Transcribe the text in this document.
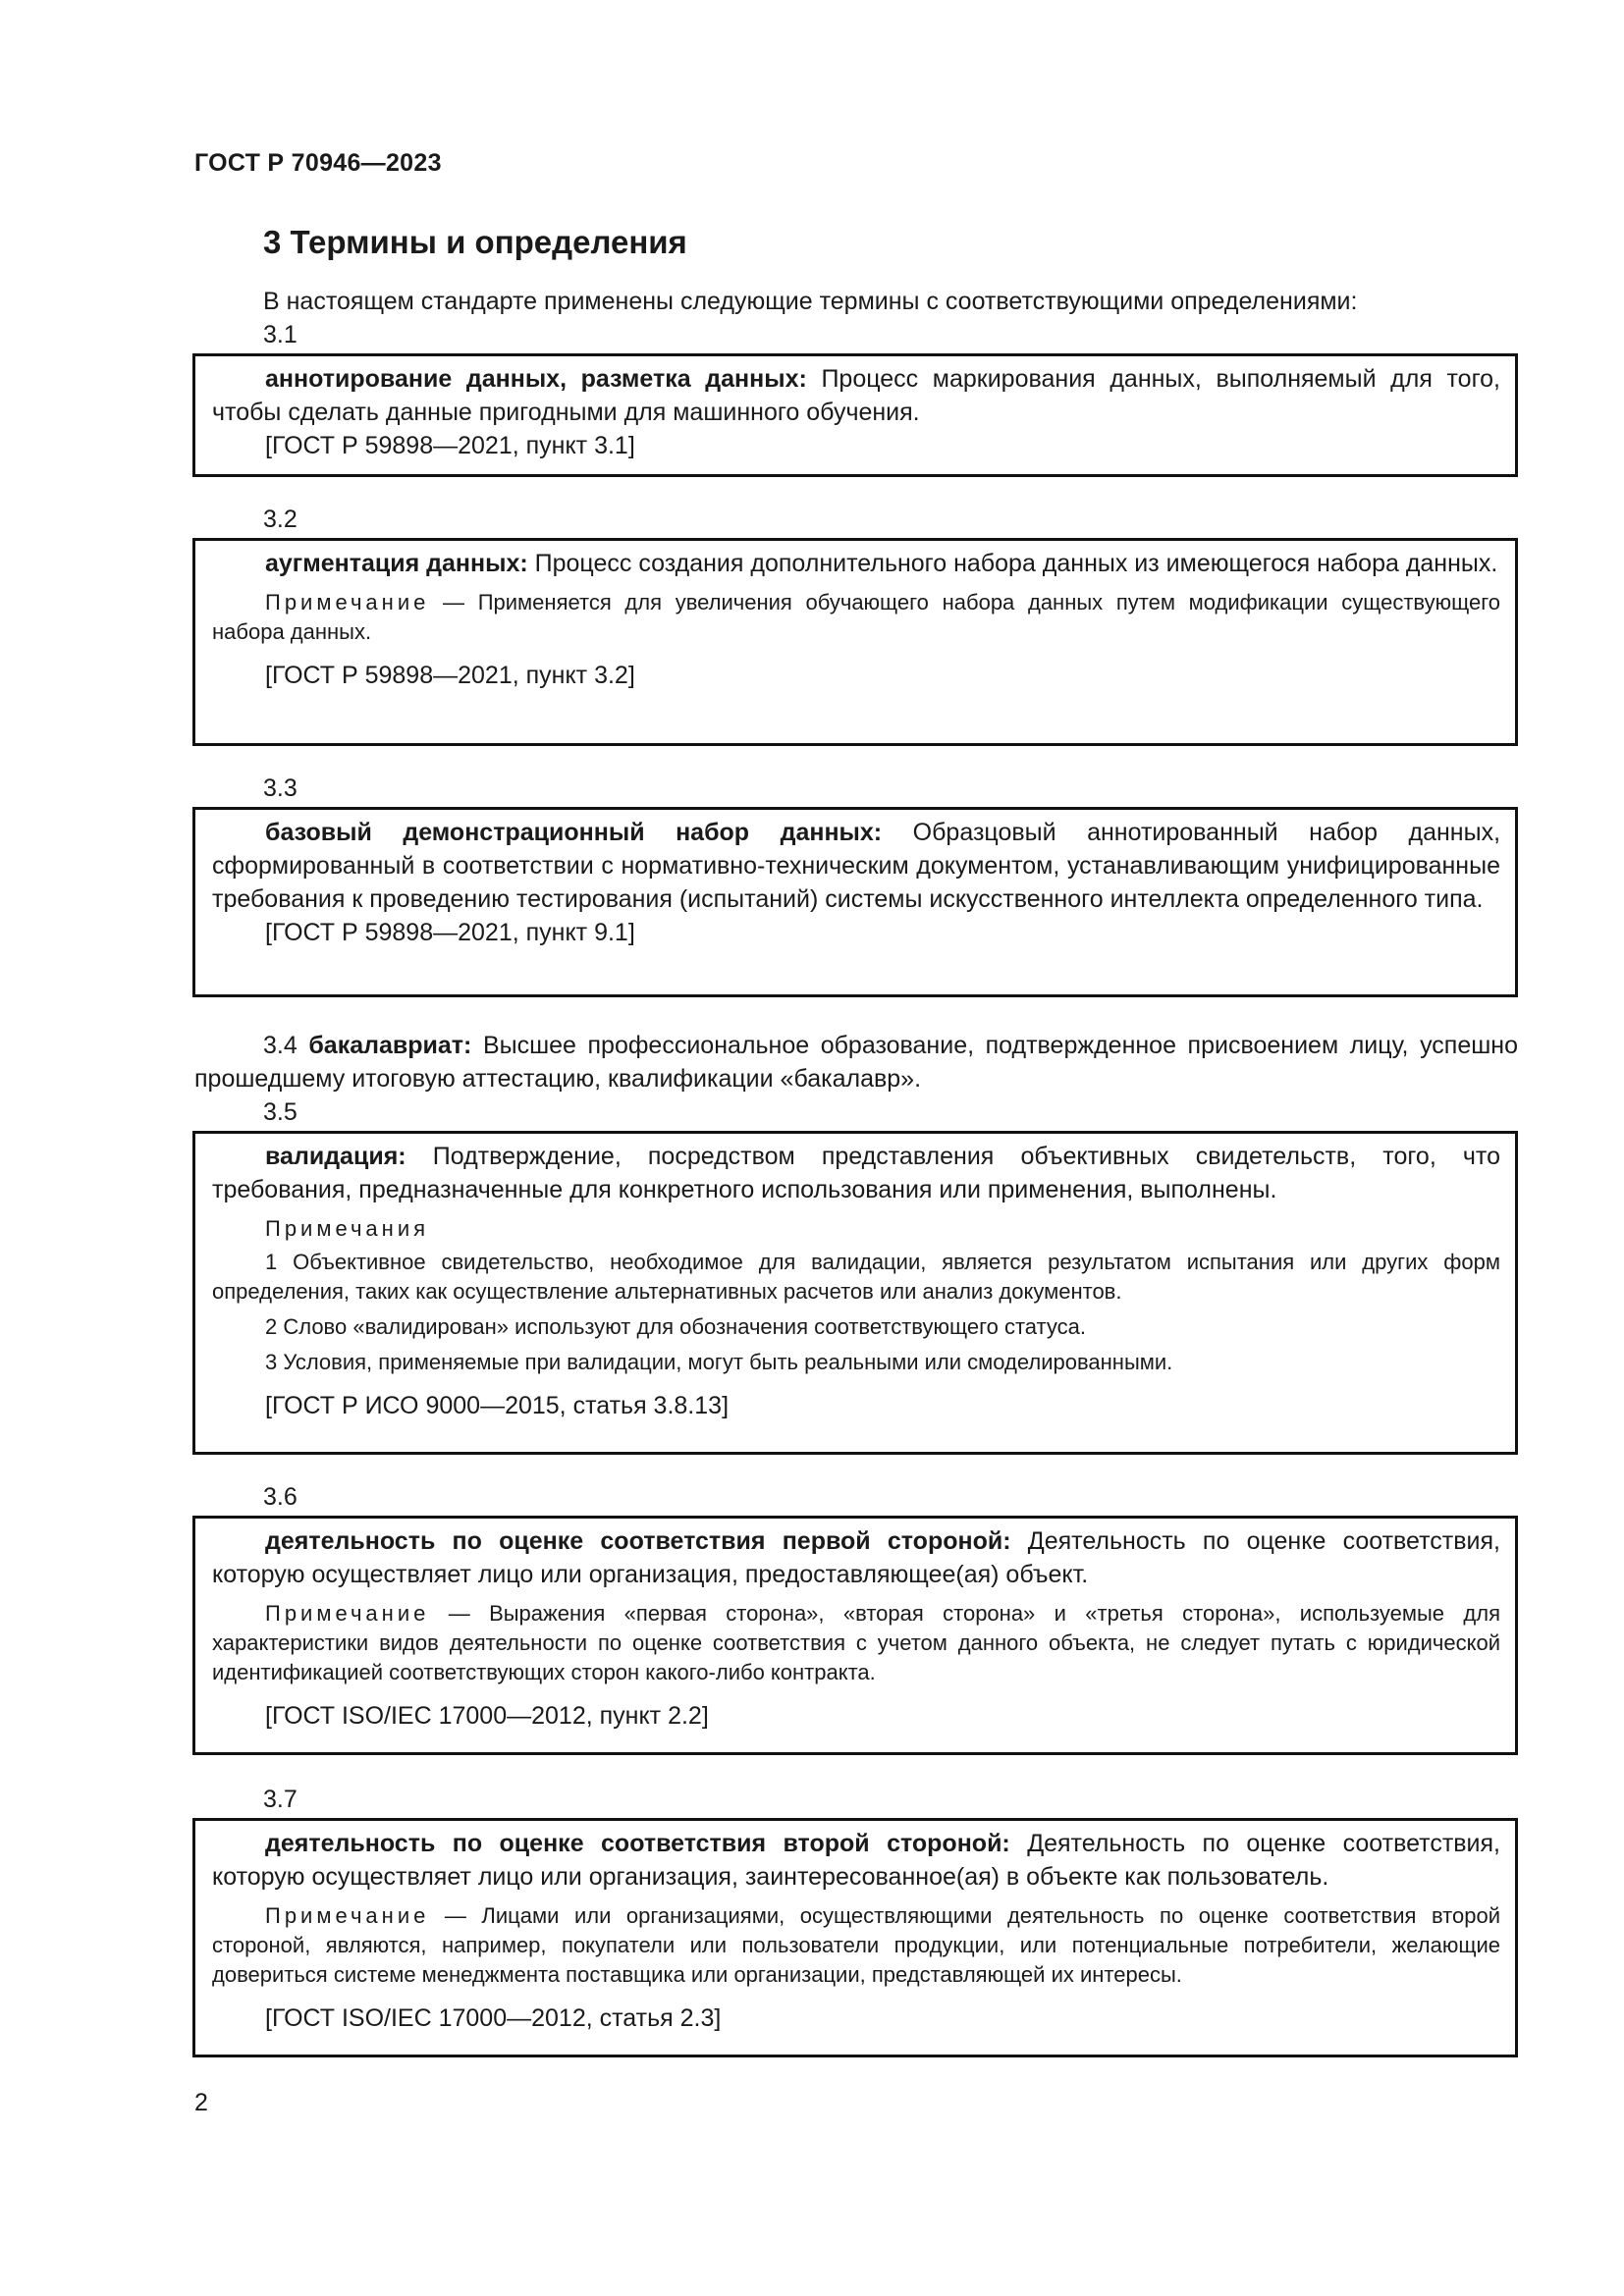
ГОСТ Р 70946—2023
3 Термины и определения
В настоящем стандарте применены следующие термины с соответствующими определениями:
3.1

аннотирование данных, разметка данных: Процесс маркирования данных, выполняемый для того, чтобы сделать данные пригодными для машинного обучения.

[ГОСТ Р 59898—2021, пункт 3.1]

3.2

аугментация данных: Процесс создания дополнительного набора данных из имеющегося набора данных.

Примечание — Применяется для увеличения обучающего набора данных путем модификации существующего набора данных.

[ГОСТ Р 59898—2021, пункт 3.2]

3.3

базовый демонстрационный набор данных: Образцовый аннотированный набор данных, сформированный в соответствии с нормативно-техническим документом, устанавливающим унифицированные требования к проведению тестирования (испытаний) системы искусственного интеллекта определенного типа.

[ГОСТ Р 59898—2021, пункт 9.1]

3.4 бакалавриат: Высшее профессиональное образование, подтвержденное присвоением лицу, успешно прошедшему итоговую аттестацию, квалификации «бакалавр».
3.5

валидация: Подтверждение, посредством представления объективных свидетельств, того, что требования, предназначенные для конкретного использования или применения, выполнены.

Примечания

1 Объективное свидетельство, необходимое для валидации, является результатом испытания или других форм определения, таких как осуществление альтернативных расчетов или анализ документов.

2 Слово «валидирован» используют для обозначения соответствующего статуса.

3 Условия, применяемые при валидации, могут быть реальными или смоделированными.

[ГОСТ Р ИСО 9000—2015, статья 3.8.13]

3.6

деятельность по оценке соответствия первой стороной: Деятельность по оценке соответствия, которую осуществляет лицо или организация, предоставляющее(ая) объект.

Примечание — Выражения «первая сторона», «вторая сторона» и «третья сторона», используемые для характеристики видов деятельности по оценке соответствия с учетом данного объекта, не следует путать с юридической идентификацией соответствующих сторон какого-либо контракта.

[ГОСТ ISO/IEC 17000—2012, пункт 2.2]

3.7

деятельность по оценке соответствия второй стороной: Деятельность по оценке соответствия, которую осуществляет лицо или организация, заинтересованное(ая) в объекте как пользователь.

Примечание — Лицами или организациями, осуществляющими деятельность по оценке соответствия второй стороной, являются, например, покупатели или пользователи продукции, или потенциальные потребители, желающие довериться системе менеджмента поставщика или организации, представляющей их интересы.

[ГОСТ ISO/IEC 17000—2012, статья 2.3]

2
